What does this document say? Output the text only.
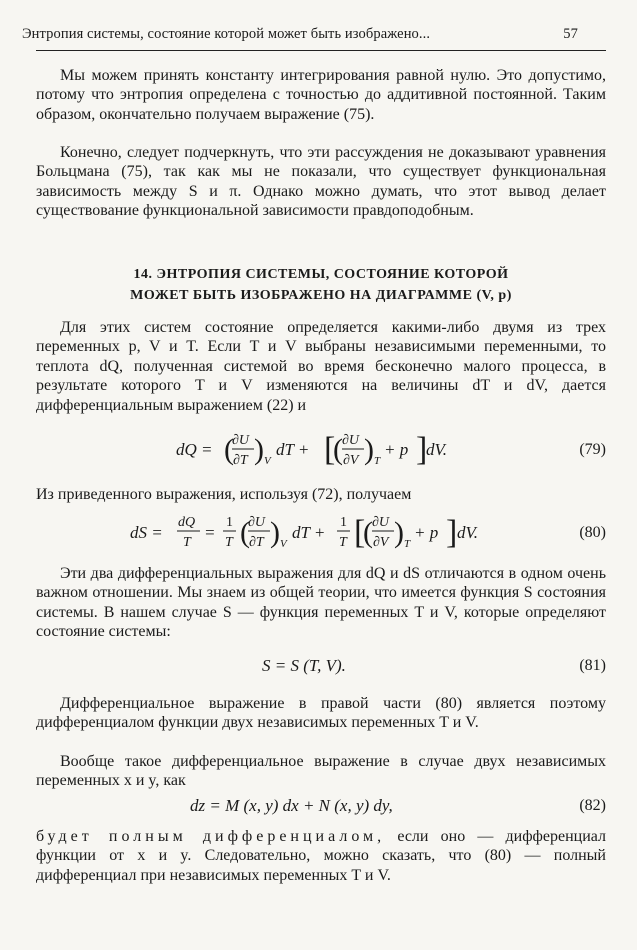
Энтропия системы, состояние которой может быть изображено...	57

Мы можем принять константу интегрирования равной нулю. Это допустимо, потому что энтропия определена с точностью до аддитивной постоянной. Таким образом, окончательно получаем выражение (75).

Конечно, следует подчеркнуть, что эти рассуждения не доказывают уравнения Больцмана (75), так как мы не показали, что существует функциональная зависимость между S и π. Однако можно думать, что этот вывод делает существование функциональной зависимости правдоподобным.

14. ЭНТРОПИЯ СИСТЕМЫ, СОСТОЯНИЕ КОТОРОЙ
МОЖЕТ БЫТЬ ИЗОБРАЖЕНО НА ДИАГРАММЕ (V, p)

Для этих систем состояние определяется какими-либо двумя из трех переменных p, V и T. Если T и V выбраны независимыми переменными, то теплота dQ, полученная системой во время бесконечно малого процесса, в результате которого T и V изменяются на величины dT и dV, дается дифференциальным выражением (22) и

dQ = (
∂U
∂T ) V
dT + [
( ∂U
∂V ) T
+ p ]
dV.	(79)

Из приведенного выражения, используя (72), получаем

dS =
dQ
T
=
1
T (
∂U
∂T ) V
dT +
1
T [
( ∂U
∂V ) T
+ p ] dV.	(80)

Эти два дифференциальных выражения для dQ и dS отличаются в одном очень важном отношении. Мы знаем из общей теории, что имеется функция S состояния системы. В нашем случае S — функция переменных T и V, которые определяют состояние системы:

S = S (T, V).	(81)

Дифференциальное выражение в правой части (80) является поэтому дифференциалом функции двух независимых переменных T и V.

Вообще такое дифференциальное выражение в случае двух независимых переменных x и y, как

dz = M (x, y) dx + N (x, y) dy,	(82)

будет полным дифференциалом, если оно — дифференциал функции от x и y. Следовательно, можно сказать, что (80) — полный дифференциал при независимых переменных T и V.
